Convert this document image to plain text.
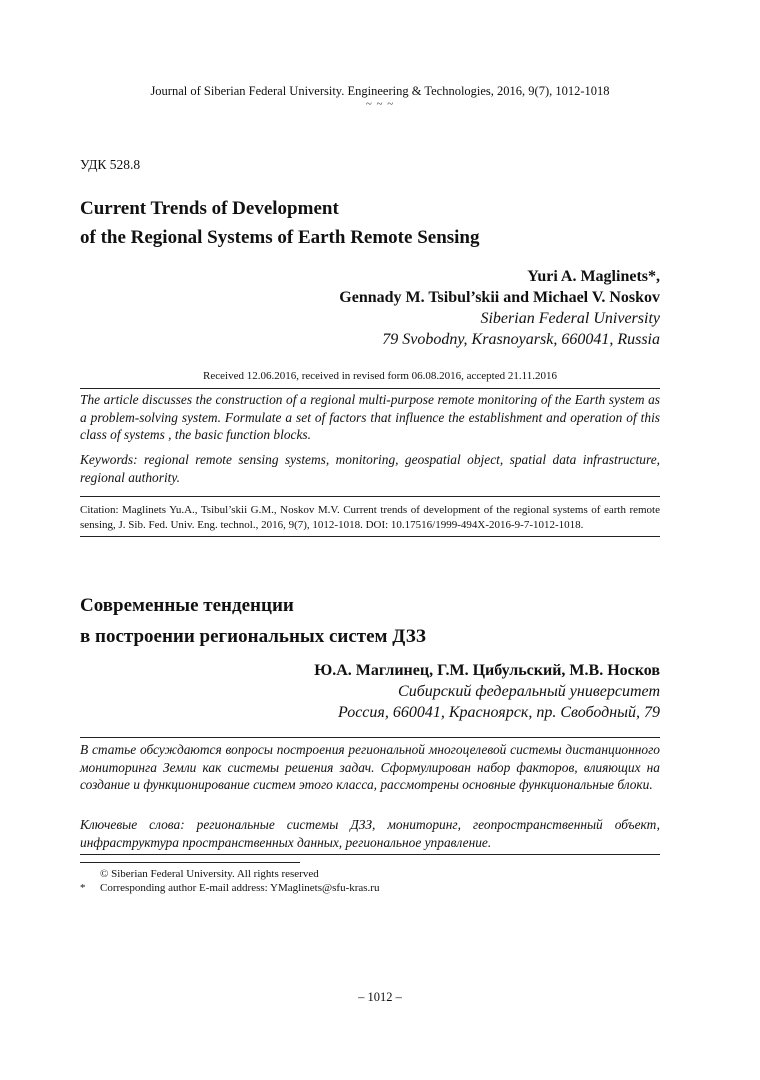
Journal of Siberian Federal University. Engineering & Technologies, 2016, 9(7), 1012-1018
~ ~ ~
УДК 528.8
Current Trends of Development
of the Regional Systems of Earth Remote Sensing
Yuri A. Maglinets*,
Gennady M. Tsibul’skii and Michael V. Noskov
Siberian Federal University
79 Svobodny, Krasnoyarsk, 660041, Russia
Received 12.06.2016, received in revised form 06.08.2016, accepted 21.11.2016
The article discusses the construction of a regional multi-purpose remote monitoring of the Earth system as a problem-solving system. Formulate a set of factors that influence the establishment and operation of this class of systems , the basic function blocks.
Keywords: regional remote sensing systems, monitoring, geospatial object, spatial data infrastructure, regional authority.
Citation: Maglinets Yu.A., Tsibul’skii G.M., Noskov M.V. Current trends of development of the regional systems of earth remote sensing, J. Sib. Fed. Univ. Eng. technol., 2016, 9(7), 1012-1018. DOI: 10.17516/1999-494X-2016-9-7-1012-1018.
Современные тенденции
в построении региональных систем ДЗЗ
Ю.А. Маглинец, Г.М. Цибульский, М.В. Носков
Сибирский федеральный университет
Россия, 660041, Красноярск, пр. Свободный, 79
В статье обсуждаются вопросы построения региональной многоцелевой системы дистанционного мониторинга Земли как системы решения задач. Сформулирован набор факторов, влияющих на создание и функционирование систем этого класса, рассмотрены основные функциональные блоки.
Ключевые слова: региональные системы ДЗЗ, мониторинг, геопространственный объект, инфраструктура пространственных данных, региональное управление.
© Siberian Federal University. All rights reserved
* Corresponding author E-mail address: YMaglinets@sfu-kras.ru
– 1012 –
